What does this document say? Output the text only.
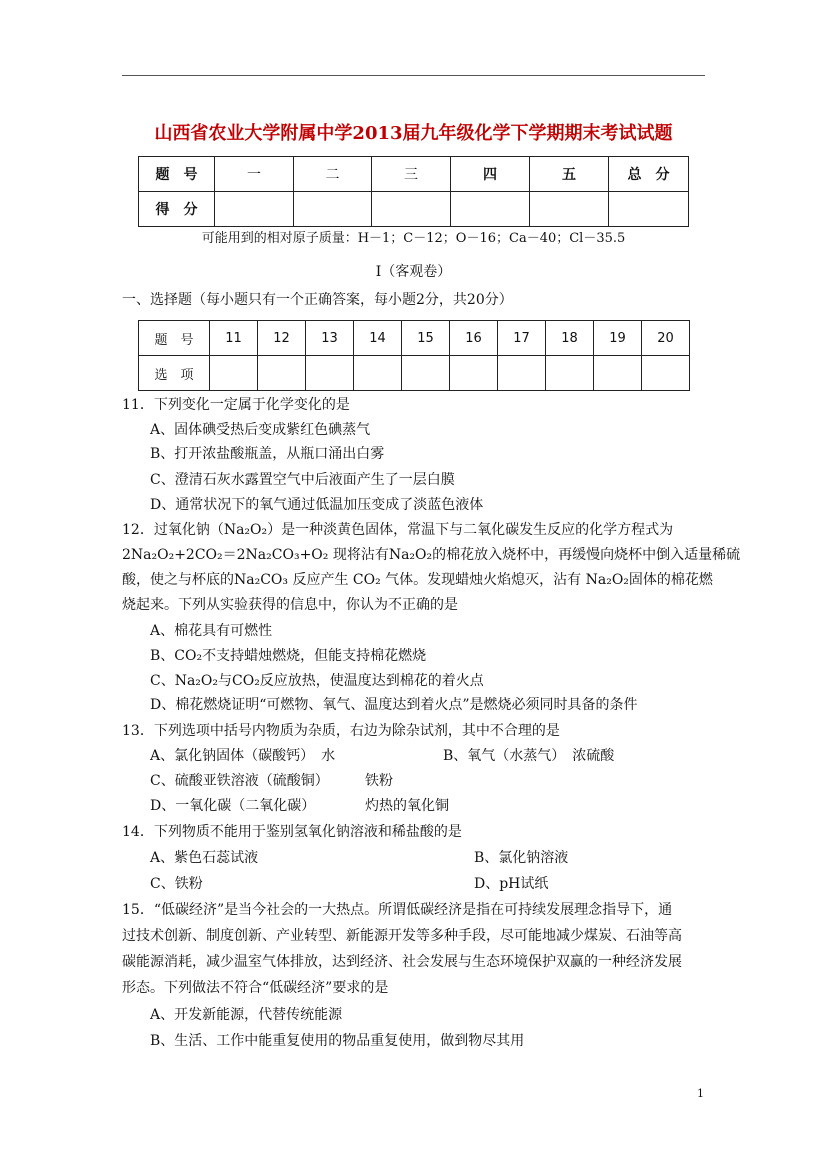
山西省农业大学附属中学2013届九年级化学下学期期末考试试题
题　号	一	二	三	四	五	总　分
得　分						
可能用到的相对原子质量：H－1；C－12；O－16；Ca－40；Cl－35.5
Ⅰ（客观卷）
一、选择题（每小题只有一个正确答案，每小题2分，共20分）
题　号	11	12	13	14	15	16	17	18	19	20
选　项										
11．下列变化一定属于化学变化的是
A、固体碘受热后变成紫红色碘蒸气
B、打开浓盐酸瓶盖，从瓶口涌出白雾
C、澄清石灰水露置空气中后液面产生了一层白膜
D、通常状况下的氧气通过低温加压变成了淡蓝色液体
12．过氧化钠（Na₂O₂）是一种淡黄色固体，常温下与二氧化碳发生反应的化学方程式为
2Na₂O₂+2CO₂＝2Na₂CO₃+O₂ 现将沾有Na₂O₂的棉花放入烧杯中，再缓慢向烧杯中倒入适量稀硫
酸，使之与杯底的Na₂CO₃ 反应产生 CO₂ 气体。发现蜡烛火焰熄灭，沾有 Na₂O₂固体的棉花燃
烧起来。下列从实验获得的信息中，你认为不正确的是
A、棉花具有可燃性
B、CO₂不支持蜡烛燃烧，但能支持棉花燃烧
C、Na₂O₂与CO₂反应放热，使温度达到棉花的着火点
D、棉花燃烧证明“可燃物、氧气、温度达到着火点”是燃烧必须同时具备的条件
13．下列选项中括号内物质为杂质，右边为除杂试剂，其中不合理的是
A、氯化钠固体（碳酸钙）　水	B、氧气（水蒸气）　浓硫酸
C、硫酸亚铁溶液（硫酸铜）	铁粉
D、一氧化碳（二氧化碳）	灼热的氧化铜
14．下列物质不能用于鉴别氢氧化钠溶液和稀盐酸的是
A、紫色石蕊试液	B、氯化钠溶液
C、铁粉	D、pH试纸
15．“低碳经济”是当今社会的一大热点。所谓低碳经济是指在可持续发展理念指导下，通
过技术创新、制度创新、产业转型、新能源开发等多种手段，尽可能地减少煤炭、石油等高
碳能源消耗，减少温室气体排放，达到经济、社会发展与生态环境保护双赢的一种经济发展
形态。下列做法不符合“低碳经济”要求的是
A、开发新能源，代替传统能源
B、生活、工作中能重复使用的物品重复使用，做到物尽其用
1
